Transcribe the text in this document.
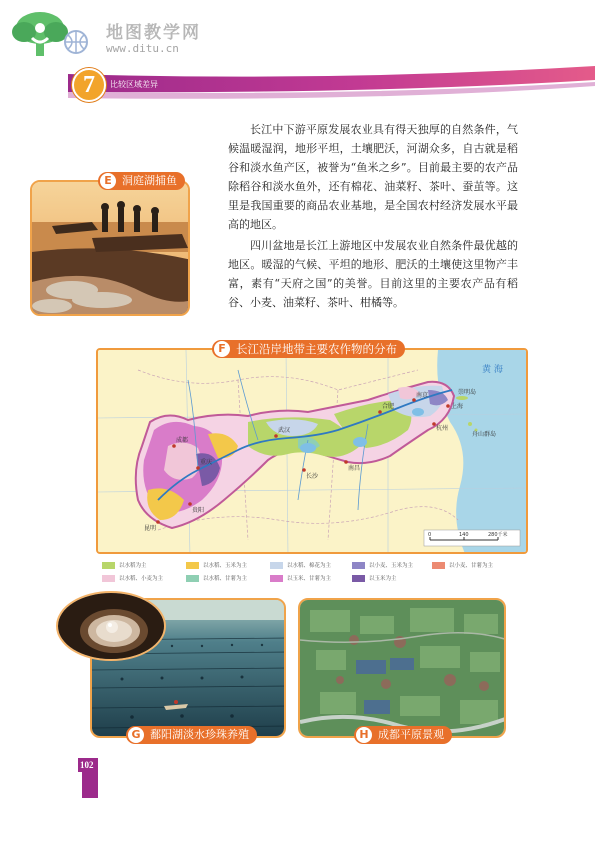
地图教学网
www.ditu.cn
7	比较区域差异

长江中下游平原发展农业具有得天独厚的自然条件，气候温暖湿润，地形平坦，土壤肥沃，河湖众多，自古就是稻谷和淡水鱼产区，被誉为“鱼米之乡”。目前最主要的农产品除稻谷和淡水鱼外，还有棉花、油菜籽、茶叶、蚕茧等。这里是我国重要的商品农业基地，是全国农村经济发展水平最高的地区。

四川盆地是长江上游地区中发展农业自然条件最优越的地区。暖湿的气候、平坦的地形、肥沃的土壤使这里物产丰富，素有“天府之国”的美誉。目前这里的主要农产品有稻谷、小麦、油菜籽、茶叶、柑橘等。

E 洞庭湖捕鱼
黄 海
南京
上海
崇明岛
舟山群岛
合肥
杭州
武汉
重庆
成都
贵阳
长沙
南昌
昆明
0	140	280千米
F 长江沿岸地带主要农作物的分布
以水稻为主	以水稻、玉米为主	以水稻、棉花为主	以小麦、玉米为主	以小麦、甘薯为主
以水稻、小麦为主	以水稻、甘薯为主	以玉米、甘薯为主	以玉米为主
G 鄱阳湖淡水珍珠养殖	H 成都平原景观
102
